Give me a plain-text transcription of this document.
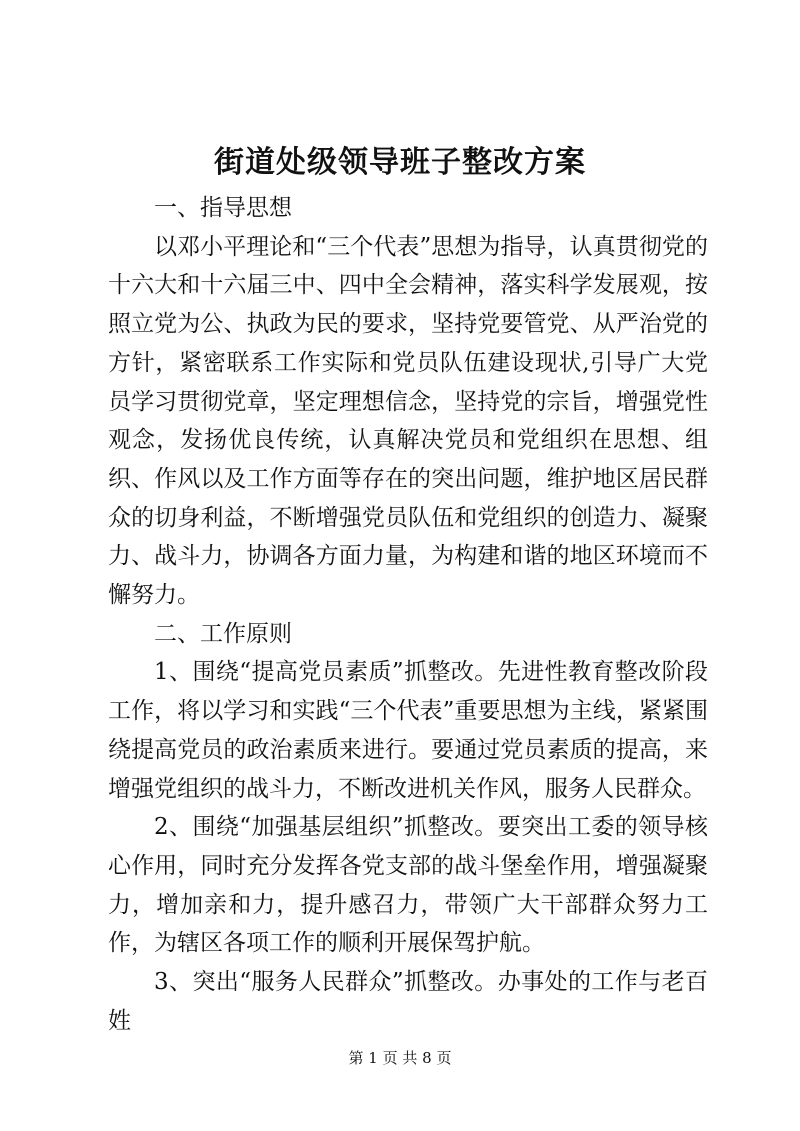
街道处级领导班子整改方案

一、指导思想

以邓小平理论和“三个代表”思想为指导，认真贯彻党的十六大和十六届三中、四中全会精神，落实科学发展观，按照立党为公、执政为民的要求，坚持党要管党、从严治党的方针，紧密联系工作实际和党员队伍建设现状,引导广大党员学习贯彻党章，坚定理想信念，坚持党的宗旨，增强党性观念，发扬优良传统，认真解决党员和党组织在思想、组织、作风以及工作方面等存在的突出问题，维护地区居民群众的切身利益，不断增强党员队伍和党组织的创造力、凝聚力、战斗力，协调各方面力量，为构建和谐的地区环境而不懈努力。

二、工作原则

1、围绕“提高党员素质”抓整改。先进性教育整改阶段工作，将以学习和实践“三个代表”重要思想为主线，紧紧围绕提高党员的政治素质来进行。要通过党员素质的提高，来增强党组织的战斗力，不断改进机关作风，服务人民群众。

2、围绕“加强基层组织”抓整改。要突出工委的领导核心作用，同时充分发挥各党支部的战斗堡垒作用，增强凝聚力，增加亲和力，提升感召力，带领广大干部群众努力工作，为辖区各项工作的顺利开展保驾护航。

3、突出“服务人民群众”抓整改。办事处的工作与老百姓

第 1 页 共 8 页
